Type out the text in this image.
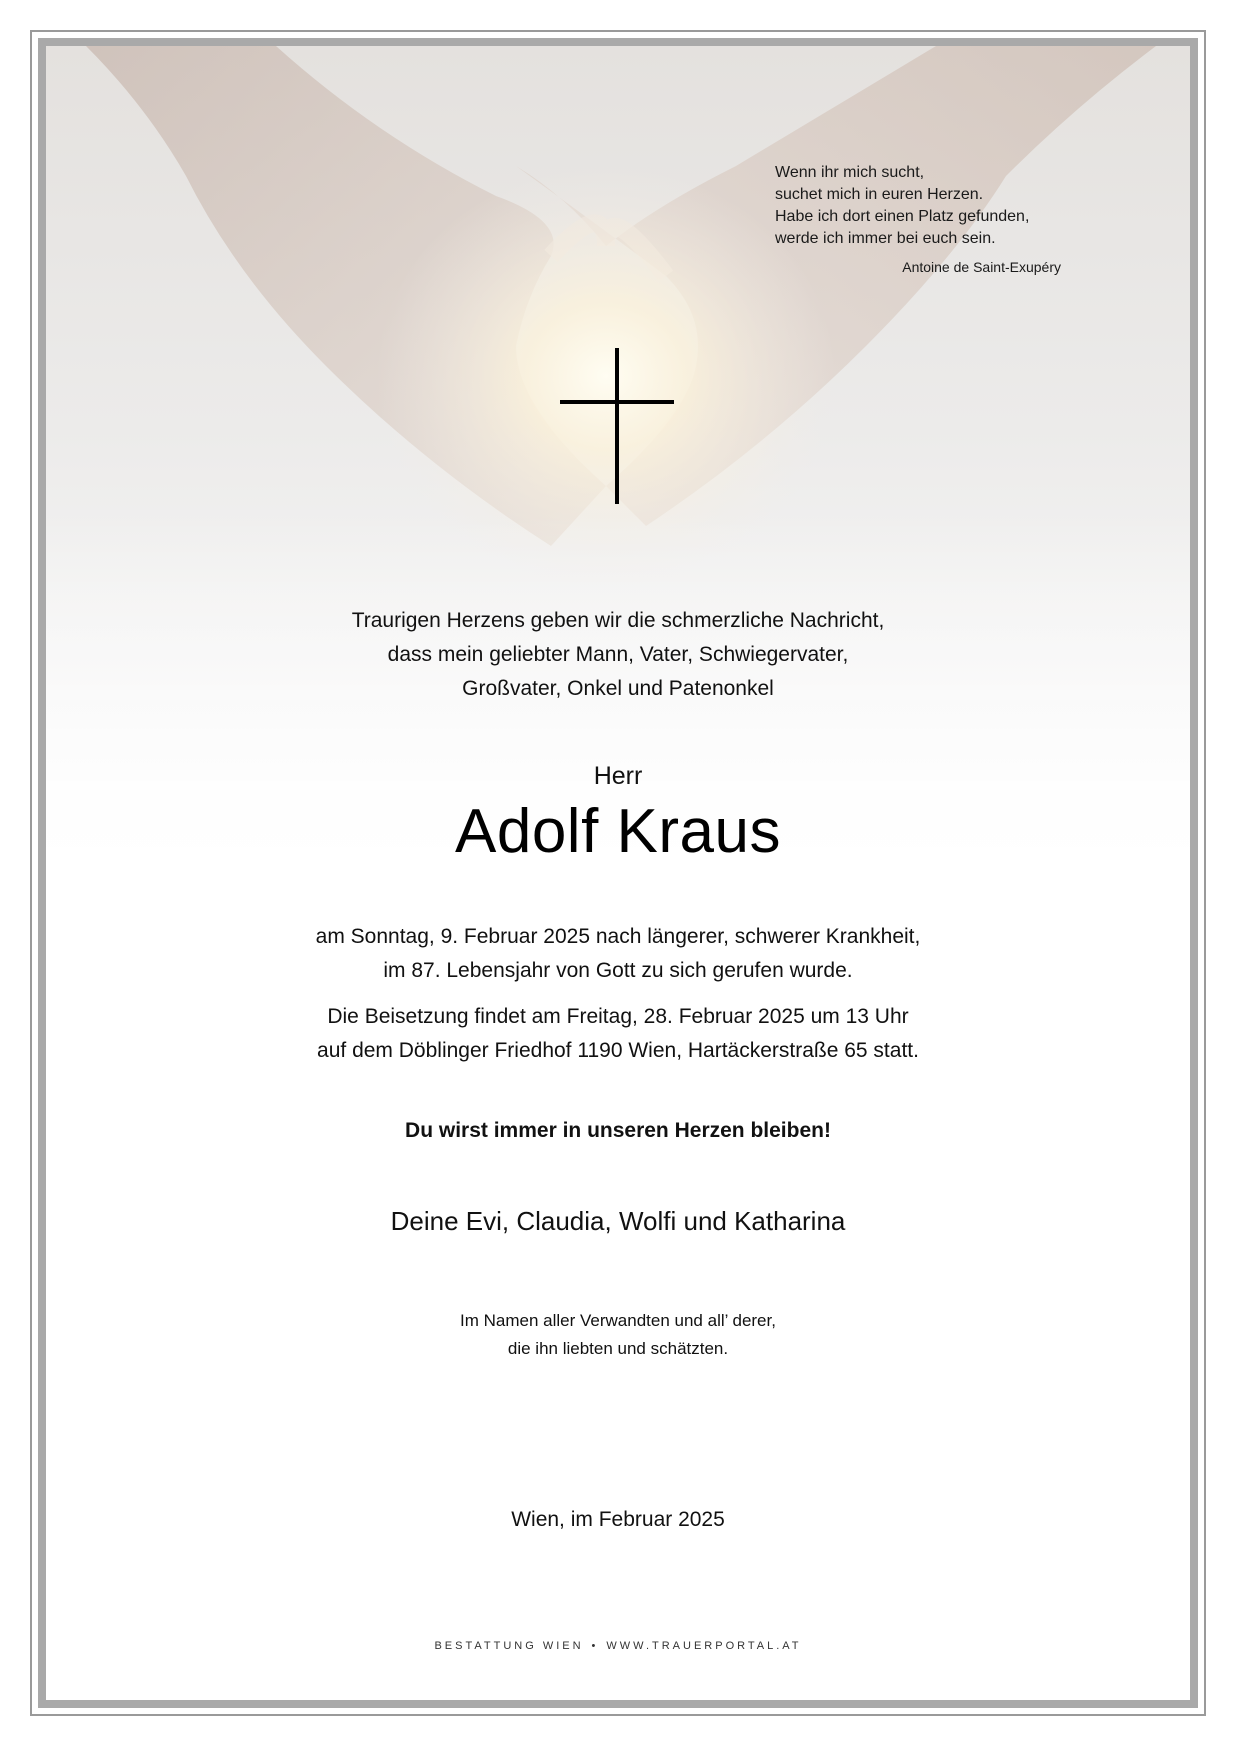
Wenn ihr mich sucht,
suchet mich in euren Herzen.
Habe ich dort einen Platz gefunden,
werde ich immer bei euch sein.
Antoine de Saint-Exupéry
Traurigen Herzens geben wir die schmerzliche Nachricht,
dass mein geliebter Mann, Vater, Schwiegervater,
Großvater, Onkel und Patenonkel
Herr
Adolf Kraus
am Sonntag, 9. Februar 2025 nach längerer, schwerer Krankheit,
im 87. Lebensjahr von Gott zu sich gerufen wurde.
Die Beisetzung findet am Freitag, 28. Februar 2025 um 13 Uhr
auf dem Döblinger Friedhof 1190 Wien, Hartäckerstraße 65 statt.
Du wirst immer in unseren Herzen bleiben!
Deine Evi, Claudia, Wolfi und Katharina
Im Namen aller Verwandten und all’ derer,
die ihn liebten und schätzten.
Wien, im Februar 2025
BESTATTUNG WIEN • WWW.TRAUERPORTAL.AT
